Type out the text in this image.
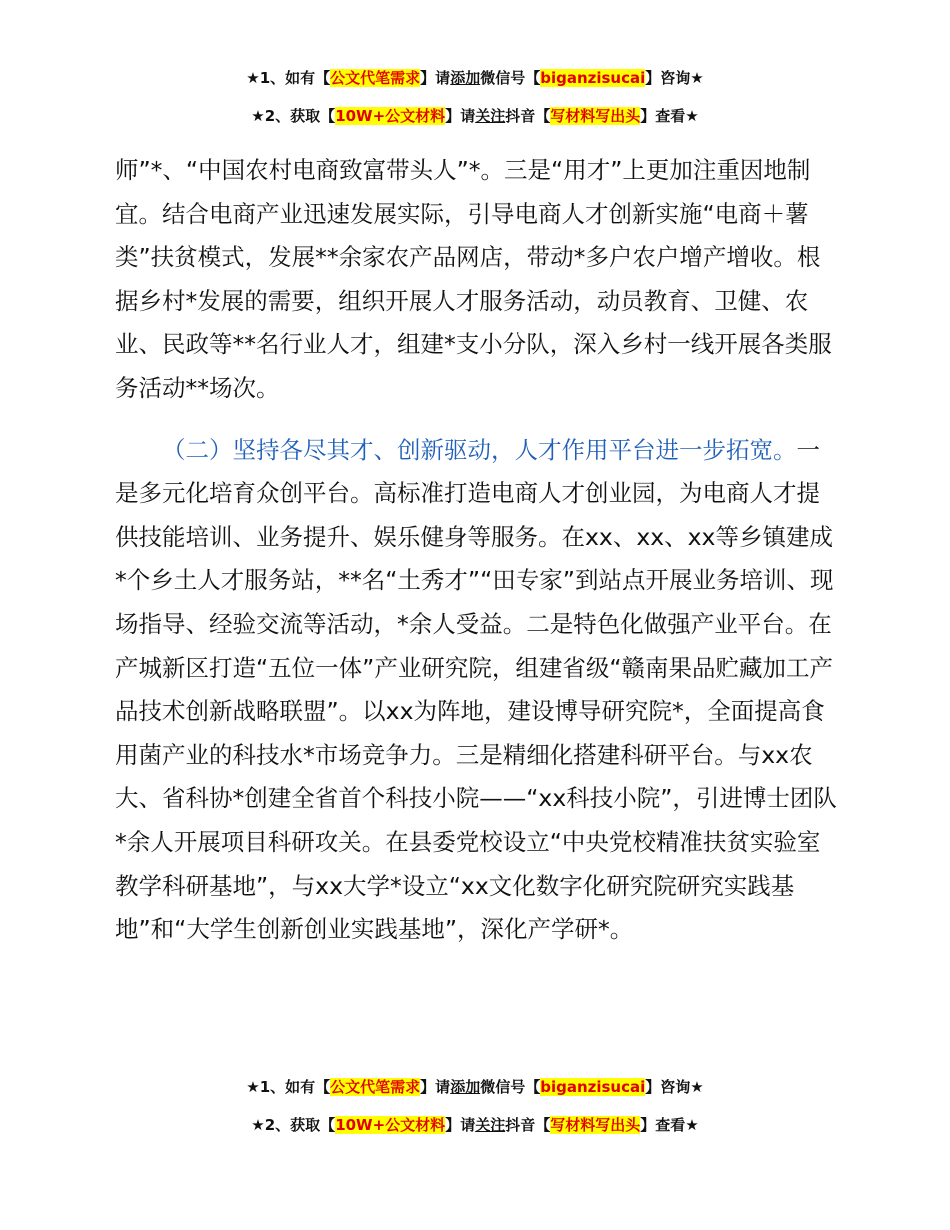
★1、如有【公文代笔需求】请添加微信号【biganzisucai】咨询★
★2、获取【10W+公文材料】请关注抖音【写材料写出头】查看★

师”*、“中国农村电商致富带头人”*。三是“用才”上更加注重因地制宜。结合电商产业迅速发展实际，引导电商人才创新实施“电商＋薯类”扶贫模式，发展**余家农产品网店，带动*多户农户增产增收。根据乡村*发展的需要，组织开展人才服务活动，动员教育、卫健、农业、民政等**名行业人才，组建*支小分队，深入乡村一线开展各类服务活动**场次。

（二）坚持各尽其才、创新驱动，人才作用平台进一步拓宽。一是多元化培育众创平台。高标准打造电商人才创业园，为电商人才提供技能培训、业务提升、娱乐健身等服务。在xx、xx、xx等乡镇建成*个乡土人才服务站，**名“土秀才”“田专家”到站点开展业务培训、现场指导、经验交流等活动，*余人受益。二是特色化做强产业平台。在产城新区打造“五位一体”产业研究院，组建省级“赣南果品贮藏加工产品技术创新战略联盟”。以xx为阵地，建设博导研究院*，全面提高食用菌产业的科技水*市场竞争力。三是精细化搭建科研平台。与xx农大、省科协*创建全省首个科技小院——“xx科技小院”，引进博士团队*余人开展项目科研攻关。在县委党校设立“中央党校精准扶贫实验室教学科研基地”，与xx大学*设立“xx文化数字化研究院研究实践基地”和“大学生创新创业实践基地”，深化产学研*。

★1、如有【公文代笔需求】请添加微信号【biganzisucai】咨询★
★2、获取【10W+公文材料】请关注抖音【写材料写出头】查看★
